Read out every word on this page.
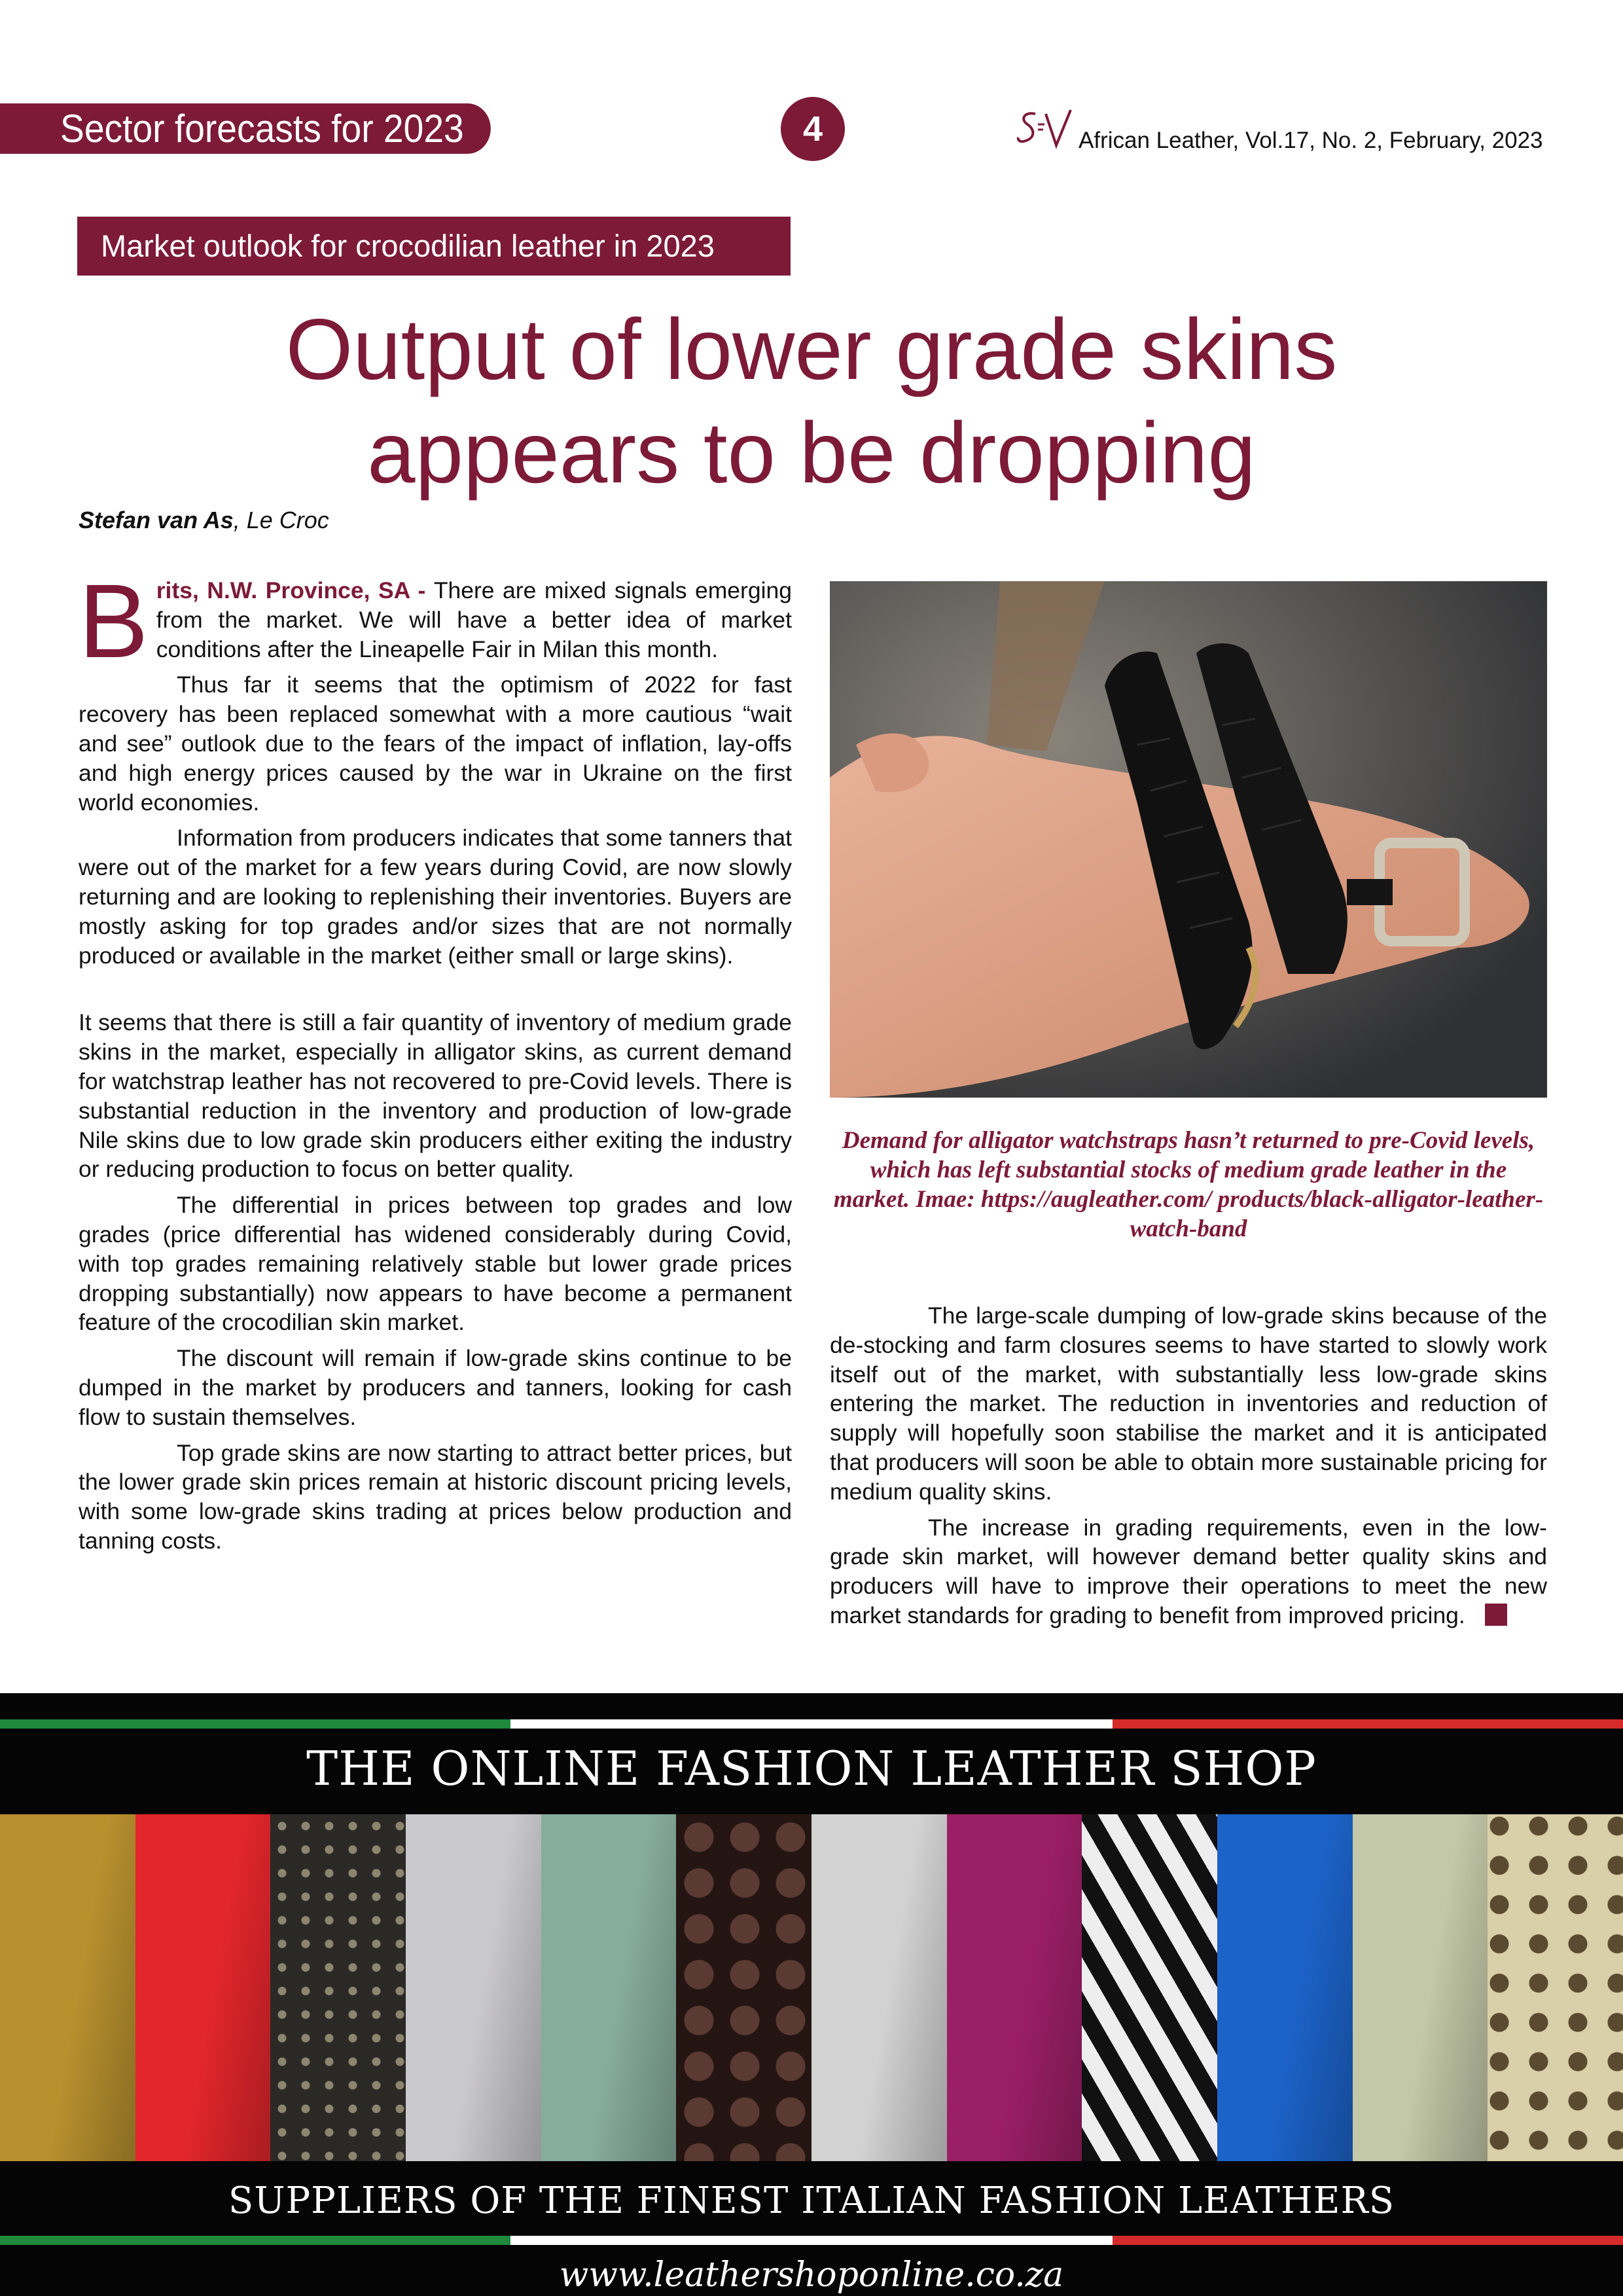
Sector forecasts for 2023	4	African Leather, Vol.17, No. 2, February, 2023
Market outlook for crocodilian leather in 2023
Output of lower grade skins
appears to be dropping
Stefan van As, Le Croc

Brits, N.W. Province, SA - There are mixed signals emerging from the market. We will have a better idea of market conditions after the Lineapelle Fair in Milan this month.

Thus far it seems that the optimism of 2022 for fast recovery has been replaced somewhat with a more cautious “wait and see” outlook due to the fears of the impact of inflation, lay-offs and high energy prices caused by the war in Ukraine on the first world economies.

Information from producers indicates that some tanners that were out of the market for a few years during Covid, are now slowly returning and are looking to replenishing their inventories. Buyers are mostly asking for top grades and/or sizes that are not normally produced or available in the market (either small or large skins).

It seems that there is still a fair quantity of inventory of medium grade skins in the market, especially in alligator skins, as current demand for watchstrap leather has not recovered to pre-Covid levels. There is substantial reduction in the inventory and production of low-grade Nile skins due to low grade skin producers either exiting the industry or reducing production to focus on better quality.

The differential in prices between top grades and low grades (price differential has widened considerably during Covid, with top grades remaining relatively stable but lower grade prices dropping substantially) now appears to have become a permanent feature of the crocodilian skin market.

The discount will remain if low-grade skins continue to be dumped in the market by producers and tanners, looking for cash flow to sustain themselves.

Top grade skins are now starting to attract better prices, but the lower grade skin prices remain at historic discount pricing levels, with some low-grade skins trading at prices below production and tanning costs.

Demand for alligator watchstraps hasn’t returned to pre-Covid levels, which has left substantial stocks of medium grade leather in the market. Imae: https://augleather.com/ products/black-alligator-leather-watch-band

The large-scale dumping of low-grade skins because of the de-stocking and farm closures seems to have started to slowly work itself out of the market, with substantially less low-grade skins entering the market. The reduction in inventories and reduction of supply will hopefully soon stabilise the market and it is anticipated that producers will soon be able to obtain more sustainable pricing for medium quality skins.

The increase in grading requirements, even in the low-grade skin market, will however demand better quality skins and producers will have to improve their operations to meet the new market standards for grading to benefit from improved pricing.

THE ONLINE FASHION LEATHER SHOP
SUPPLIERS OF THE FINEST ITALIAN FASHION LEATHERS
www.leathershoponline.co.za
